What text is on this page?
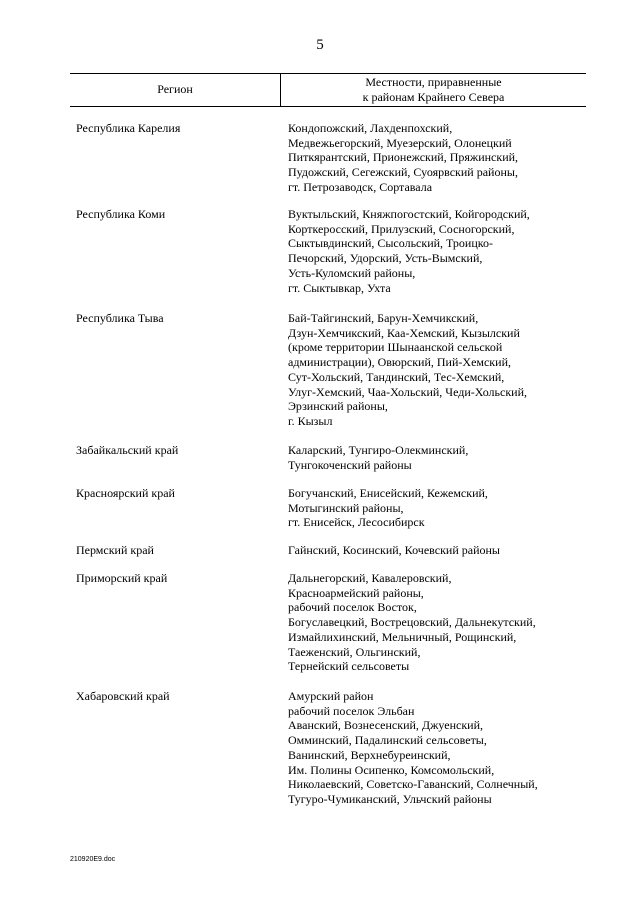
5
Регион	Местности, приравненные
к районам Крайнего Севера
Республика Карелия	Кондопожский, Лахденпохский,
Медвежьегорский, Муезерский, Олонецкий
Питкярантский, Прионежский, Пряжинский,
Пудожский, Сегежский, Суоярвский районы,
гт. Петрозаводск, Сортавала
Республика Коми	Вуктыльский, Княжпогостский, Койгородский,
Корткеросский, Прилузский, Сосногорский,
Сыктывдинский, Сысольский, Троицко-
Печорский, Удорский, Усть-Вымский,
Усть-Куломский районы,
гт. Сыктывкар, Ухта
Республика Тыва	Бай-Тайгинский, Барун-Хемчикский,
Дзун-Хемчикский, Каа-Хемский, Кызылский
(кроме территории Шынаанской сельской
администрации), Овюрский, Пий-Хемский,
Сут-Хольский, Тандинский, Тес-Хемский,
Улуг-Хемский, Чаа-Хольский, Чеди-Хольский,
Эрзинский районы,
г. Кызыл
Забайкальский край	Каларский, Тунгиро-Олекминский,
Тунгокоченский районы
Красноярский край	Богучанский, Енисейский, Кежемский,
Мотыгинский районы,
гт. Енисейск, Лесосибирск
Пермский край	Гайнский, Косинский, Кочевский районы
Приморский край	Дальнегорский, Кавалеровский,
Красноармейский районы,
рабочий поселок Восток,
Богуславецкий, Вострецовский, Дальнекутский,
Измайлихинский, Мельничный, Рощинский,
Таеженский, Ольгинский,
Тернейский сельсоветы
Хабаровский край	Амурский район
рабочий поселок Эльбан
Аванский, Вознесенский, Джуенский,
Омминский, Падалинский сельсоветы,
Ванинский, Верхнебуреинский,
Им. Полины Осипенко, Комсомольский,
Николаевский, Советско-Гаванский, Солнечный,
Тугуро-Чумиканский, Ульчский районы
210920E9.doc
